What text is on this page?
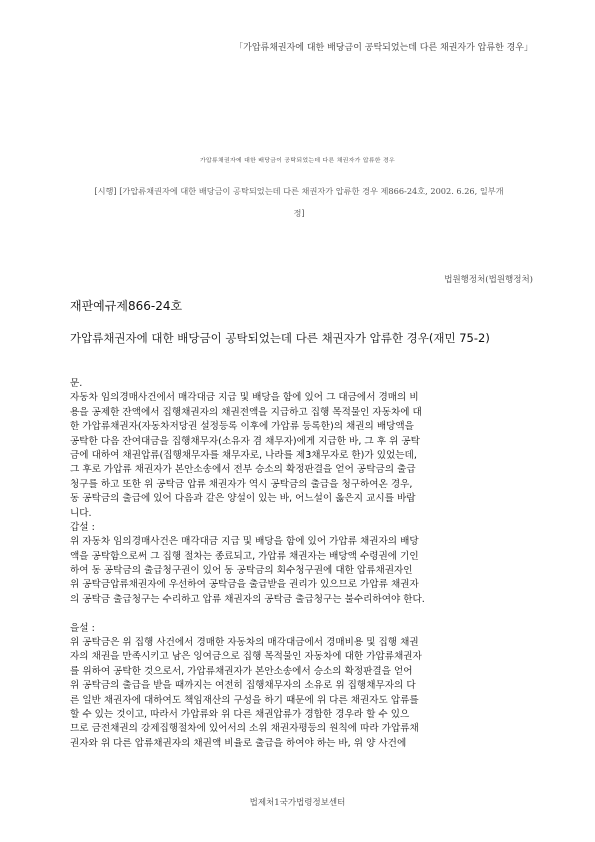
「가압류채권자에 대한 배당금이 공탁되었는데 다른 채권자가 압류한 경우」
가압류채권자에 대한 배당금이 공탁되었는데 다른 채권자가 압류한 경우
[시행] [가압류채권자에 대한 배당금이 공탁되었는데 다른 채권자가 압류한 경우 제866-24호, 2002. 6.26, 일부개
정]
법원행정처(법원행정처)
재판예규제866-24호
가압류채권자에 대한 배당금이 공탁되었는데 다른 채권자가 압류한 경우(재민 75-2)
문.
자동차 임의경매사건에서 매각대금 지급 및 배당을 함에 있어 그 대금에서 경매의 비
용을 공제한 잔액에서 집행채권자의 채권전액을 지급하고 집행 목적물인 자동차에 대
한 가압류채권자(자동차저당권 설정등록 이후에 가압류 등록한)의 채권의 배당액을
공탁한 다음 잔여대금을 집행채무자(소유자 겸 채무자)에게 지급한 바, 그 후 위 공탁
금에 대하여 채권압류(집행채무자를 채무자로, 나라를 제3채무자로 한)가 있었는데,
그 후로 가압류 채권자가 본안소송에서 전부 승소의 확정판결을 얻어 공탁금의 출급
청구를 하고 또한 위 공탁금 압류 채권자가 역시 공탁금의 출급을 청구하여온 경우,
동 공탁금의 출급에 있어 다음과 같은 양설이 있는 바, 어느설이 옳은지 교시를 바랍
니다.
갑설 :
위 자동차 임의경매사건은 매각대금 지급 및 배당을 함에 있어 가압류 채권자의 배당
액을 공탁함으로써 그 집행 절차는 종료되고, 가압류 채권자는 배당액 수령권에 기인
하여 동 공탁금의 출급청구권이 있어 동 공탁금의 회수청구권에 대한 압류채권자인
위 공탁금압류채권자에 우선하여 공탁금을 출급받을 권리가 있으므로 가압류 채권자
의 공탁금 출급청구는 수리하고 압류 채권자의 공탁금 출급청구는 불수리하여야 한다.
을설 :
위 공탁금은 위 집행 사건에서 경매한 자동차의 매각대금에서 경매비용 및 집행 채권
자의 채권을 만족시키고 남은 잉여금으로 집행 목적물인 자동차에 대한 가압류채권자
를 위하여 공탁한 것으로서, 가압류채권자가 본안소송에서 승소의 확정판결을 얻어
위 공탁금의 출급을 받을 때까지는 여전히 집행채무자의 소유로 위 집행채무자의 다
른 일반 채권자에 대하여도 책임재산의 구성을 하기 때문에 위 다른 채권자도 압류를
할 수 있는 것이고, 따라서 가압류와 위 다른 채권압류가 경합한 경우라 할 수 있으
므로 금전채권의 강제집행절차에 있어서의 소위 채권자평등의 원칙에 따라 가압류채
권자와 위 다른 압류채권자의 채권액 비율로 출급을 하여야 하는 바, 위 양 사건에
법제처1국가법령정보센터
